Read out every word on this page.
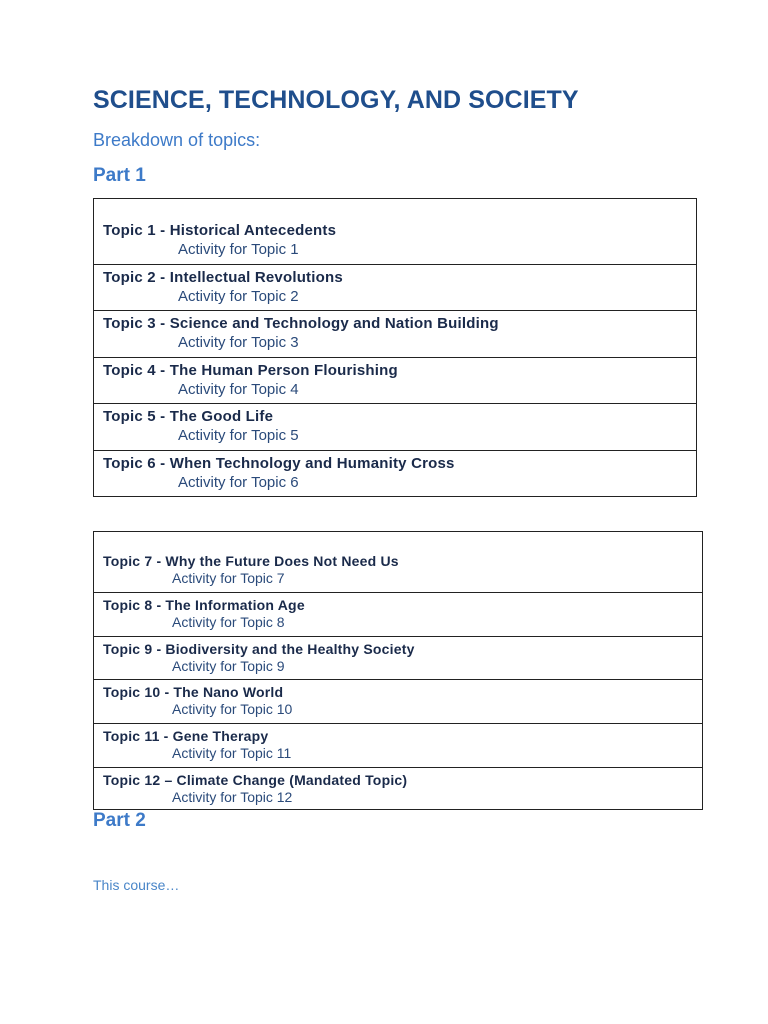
SCIENCE, TECHNOLOGY, AND SOCIETY

Breakdown of topics:

Part 1
Topic 1 - Historical Antecedents
Activity for Topic 1
Topic 2 - Intellectual Revolutions
Activity for Topic 2
Topic 3 - Science and Technology and Nation Building
Activity for Topic 3
Topic 4 - The Human Person Flourishing
Activity for Topic 4
Topic 5 - The Good Life
Activity for Topic 5
Topic 6 - When Technology and Humanity Cross
Activity for Topic 6
Topic 7 - Why the Future Does Not Need Us
Activity for Topic 7
Topic 8 - The Information Age
Activity for Topic 8
Topic 9 - Biodiversity and the Healthy Society
Activity for Topic 9
Topic 10 - The Nano World
Activity for Topic 10
Topic 11 - Gene Therapy
Activity for Topic 11
Topic 12 – Climate Change (Mandated Topic)
Activity for Topic 12
Part 2

This course…
